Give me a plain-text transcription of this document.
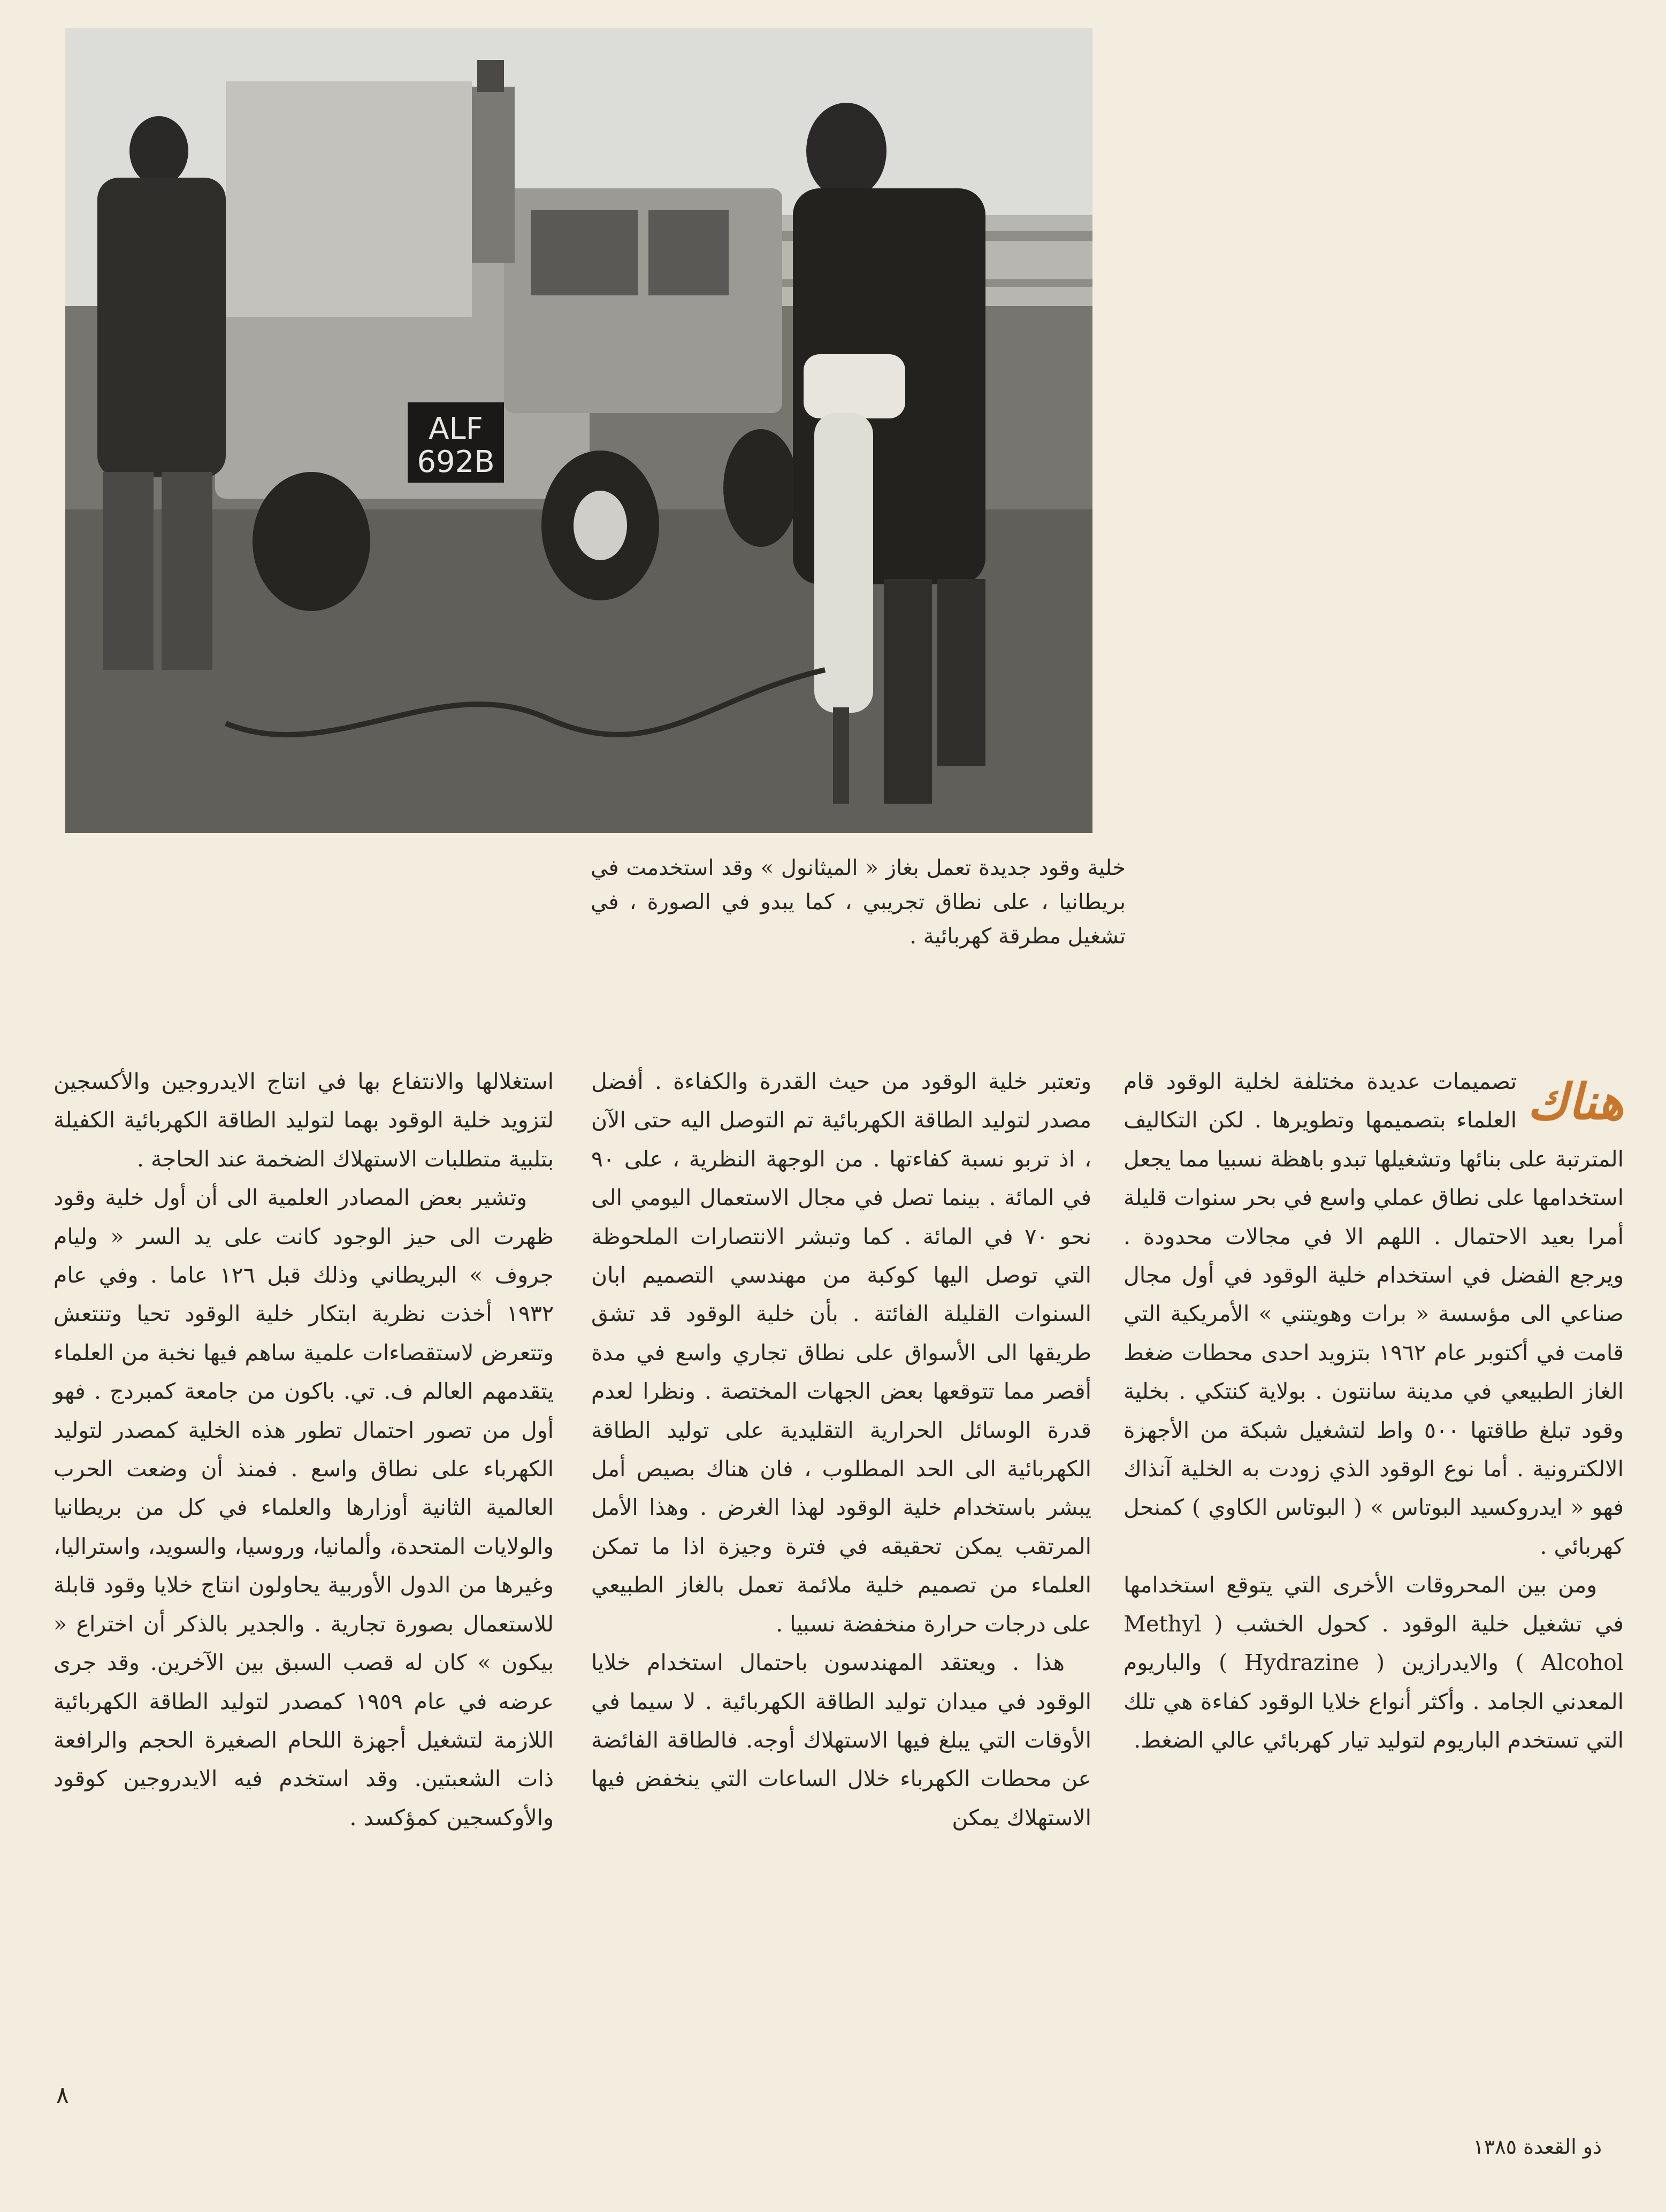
ALF
692B
خلية وقود جديدة تعمل بغاز « الميثانول » وقد استخدمت في بريطانيا ، على نطاق تجريبي ، كما يبدو في الصورة ، في تشغيل مطرقة كهربائية .
هناك

تصميمات عديدة مختلفة لخلية الوقود قام العلماء بتصميمها وتطويرها . لكن التكاليف المترتبة على بنائها وتشغيلها تبدو باهظة نسبيا مما يجعل استخدامها على نطاق عملي واسع في بحر سنوات قليلة أمرا بعيد الاحتمال . اللهم الا في مجالات محدودة . ويرجع الفضل في استخدام خلية الوقود في أول مجال صناعي الى مؤسسة « برات وهويتني » الأمريكية التي قامت في أكتوبر عام ١٩٦٢ بتزويد احدى محطات ضغط الغاز الطبيعي في مدينة سانتون . بولاية كنتكي . بخلية وقود تبلغ طاقتها ٥٠٠ واط لتشغيل شبكة من الأجهزة الالكترونية . أما نوع الوقود الذي زودت به الخلية آنذاك فهو « ايدروكسيد البوتاس » ( البوتاس الكاوي ) كمنحل كهربائي .

ومن بين المحروقات الأخرى التي يتوقع استخدامها في تشغيل خلية الوقود . كحول الخشب ( Methyl Alcohol ) والايدرازين ( Hydrazine ) والباريوم المعدني الجامد . وأكثر أنواع خلايا الوقود كفاءة هي تلك التي تستخدم الباريوم لتوليد تيار كهربائي عالي الضغط.

وتعتبر خلية الوقود من حيث القدرة والكفاءة . أفضل مصدر لتوليد الطاقة الكهربائية تم التوصل اليه حتى الآن ، اذ تربو نسبة كفاءتها . من الوجهة النظرية ، على ٩٠ في المائة . بينما تصل في مجال الاستعمال اليومي الى نحو ٧٠ في المائة . كما وتبشر الانتصارات الملحوظة التي توصل اليها كوكبة من مهندسي التصميم ابان السنوات القليلة الفائتة . بأن خلية الوقود قد تشق طريقها الى الأسواق على نطاق تجاري واسع في مدة أقصر مما تتوقعها بعض الجهات المختصة . ونظرا لعدم قدرة الوسائل الحرارية التقليدية على توليد الطاقة الكهربائية الى الحد المطلوب ، فان هناك بصيص أمل يبشر باستخدام خلية الوقود لهذا الغرض . وهذا الأمل المرتقب يمكن تحقيقه في فترة وجيزة اذا ما تمكن العلماء من تصميم خلية ملائمة تعمل بالغاز الطبيعي على درجات حرارة منخفضة نسبيا .

هذا . ويعتقد المهندسون باحتمال استخدام خلايا الوقود في ميدان توليد الطاقة الكهربائية . لا سيما في الأوقات التي يبلغ فيها الاستهلاك أوجه. فالطاقة الفائضة عن محطات الكهرباء خلال الساعات التي ينخفض فيها الاستهلاك يمكن

استغلالها والانتفاع بها في انتاج الايدروجين والأكسجين لتزويد خلية الوقود بهما لتوليد الطاقة الكهربائية الكفيلة بتلبية متطلبات الاستهلاك الضخمة عند الحاجة .

وتشير بعض المصادر العلمية الى أن أول خلية وقود ظهرت الى حيز الوجود كانت على يد السر « وليام جروف » البريطاني وذلك قبل ١٢٦ عاما . وفي عام ١٩٣٢ أخذت نظرية ابتكار خلية الوقود تحيا وتنتعش وتتعرض لاستقصاءات علمية ساهم فيها نخبة من العلماء يتقدمهم العالم ف. تي. باكون من جامعة كمبردج . فهو أول من تصور احتمال تطور هذه الخلية كمصدر لتوليد الكهرباء على نطاق واسع . فمنذ أن وضعت الحرب العالمية الثانية أوزارها والعلماء في كل من بريطانيا والولايات المتحدة، وألمانيا، وروسيا، والسويد، واستراليا، وغيرها من الدول الأوربية يحاولون انتاج خلايا وقود قابلة للاستعمال بصورة تجارية . والجدير بالذكر أن اختراع « بيكون » كان له قصب السبق بين الآخرين. وقد جرى عرضه في عام ١٩٥٩ كمصدر لتوليد الطاقة الكهربائية اللازمة لتشغيل أجهزة اللحام الصغيرة الحجم والرافعة ذات الشعبتين. وقد استخدم فيه الايدروجين كوقود والأوكسجين كمؤكسد .

٨
ذو القعدة ١٣٨٥
